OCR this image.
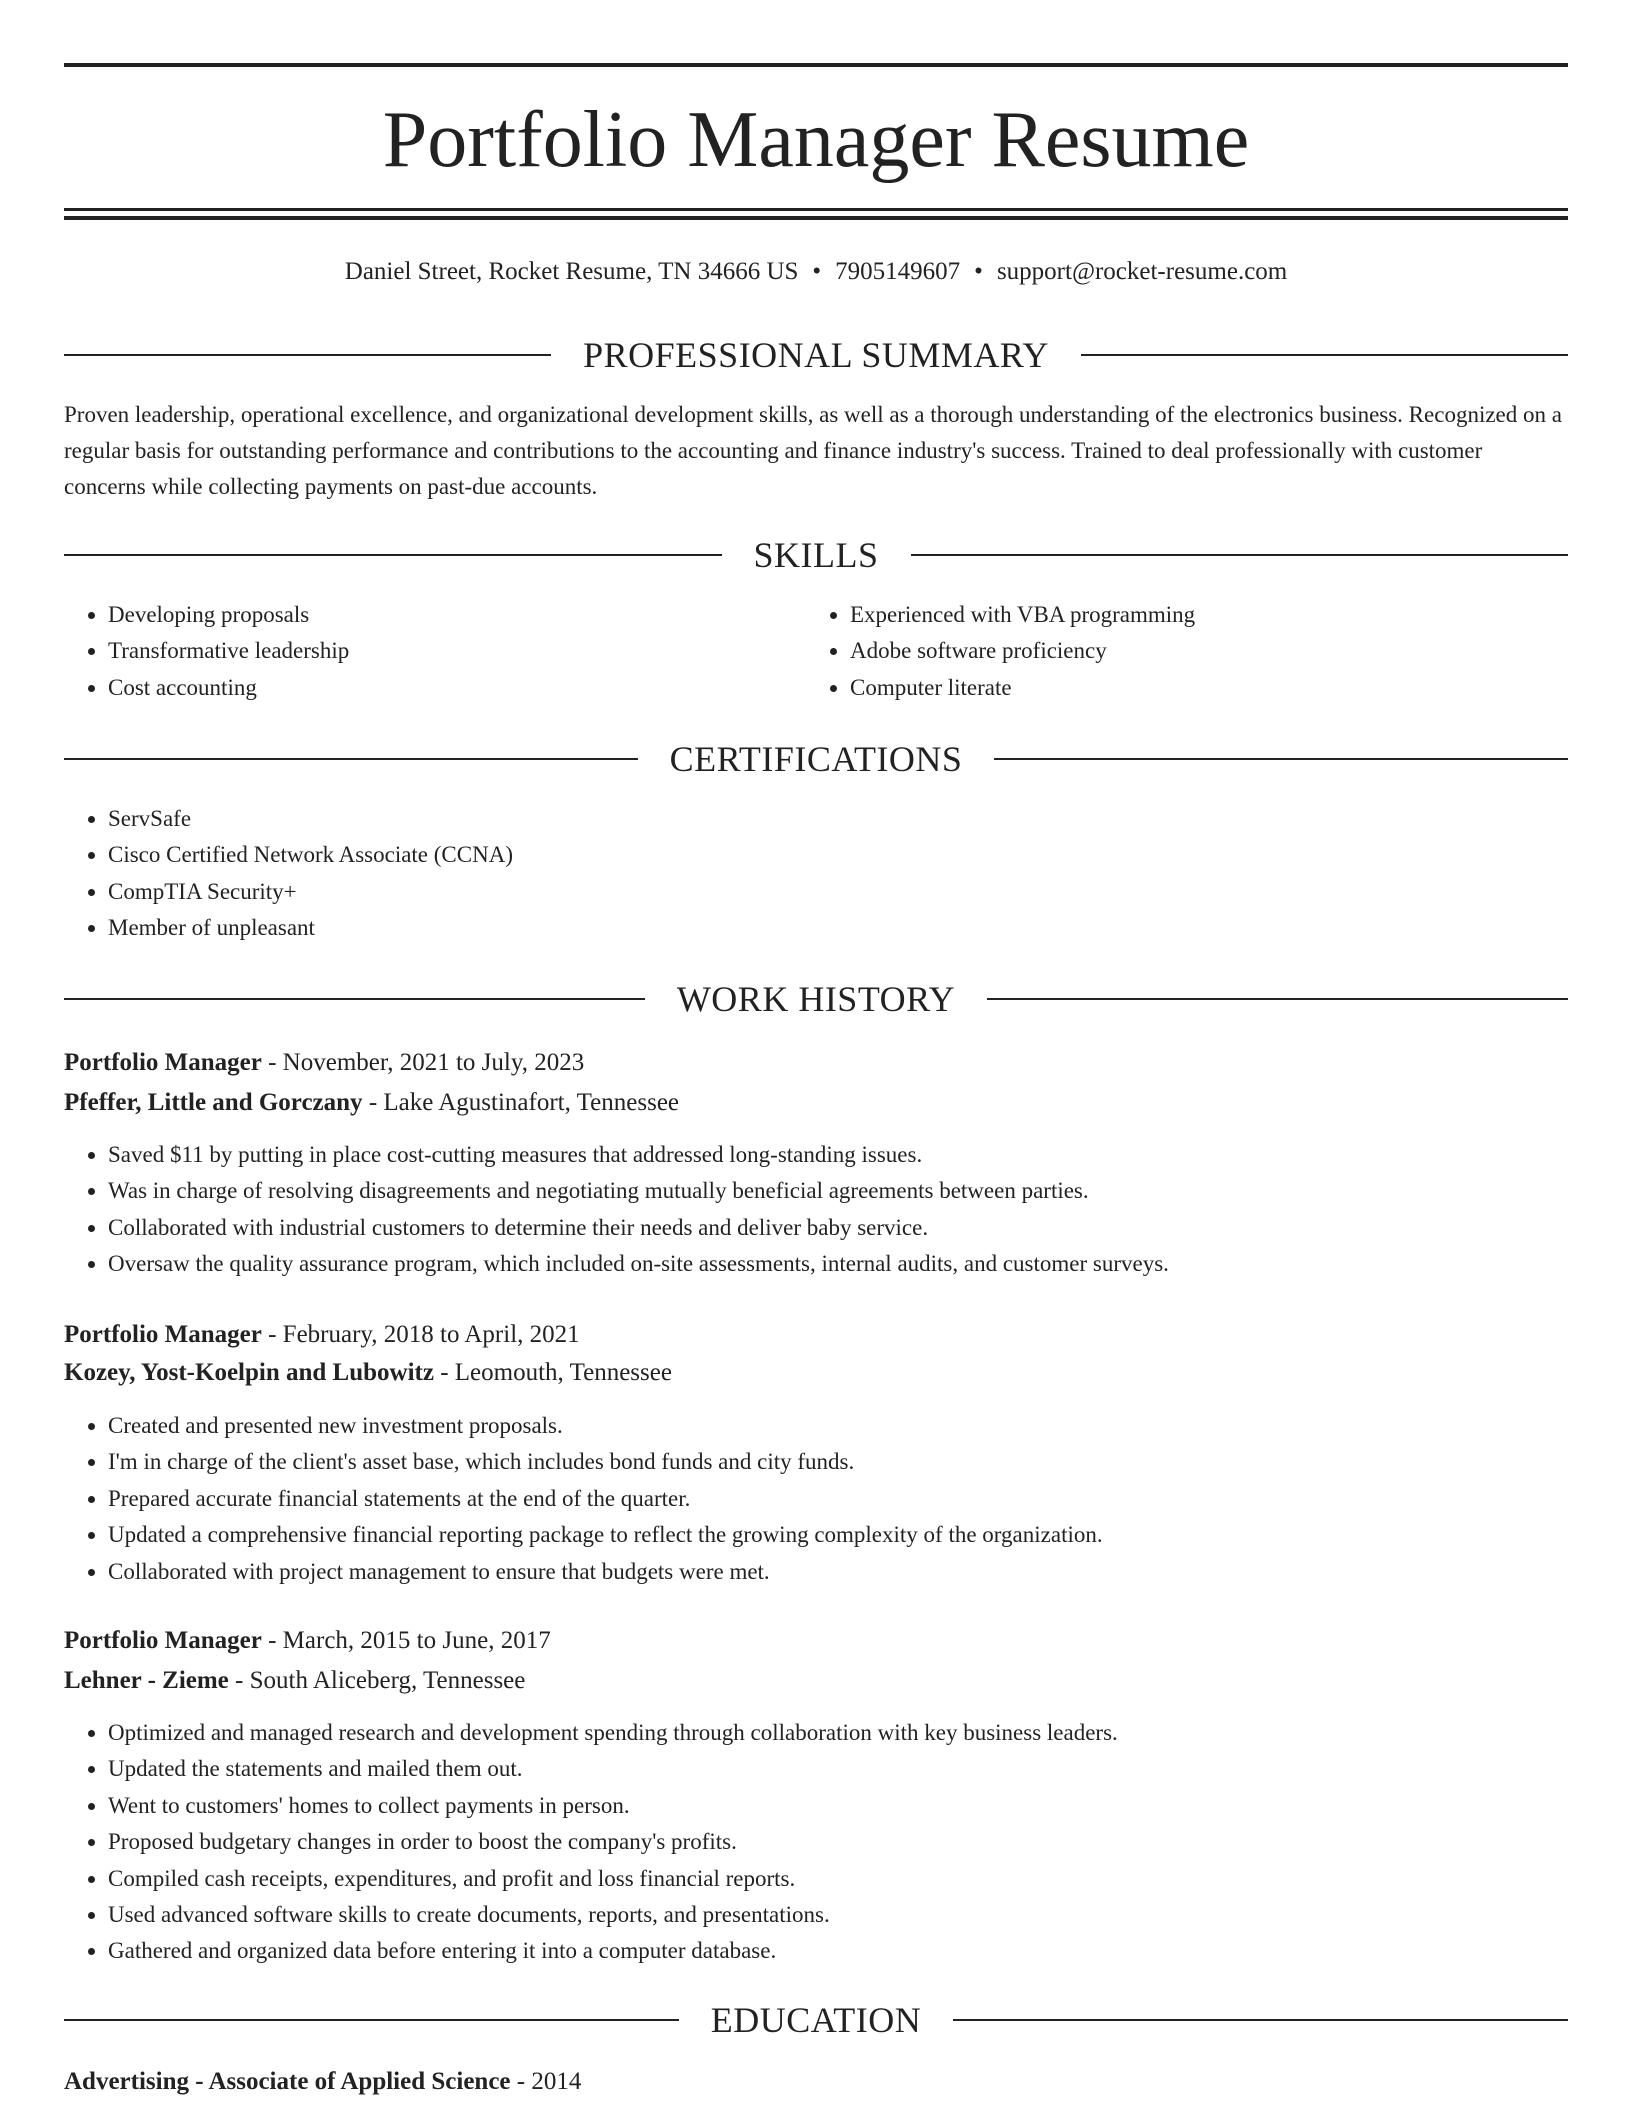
Portfolio Manager Resume
Daniel Street, Rocket Resume, TN 34666 US • 7905149607 • support@rocket-resume.com
PROFESSIONAL SUMMARY

Proven leadership, operational excellence, and organizational development skills, as well as a thorough understanding of the electronics business. Recognized on a regular basis for outstanding performance and contributions to the accounting and finance industry's success. Trained to deal professionally with customer concerns while collecting payments on past-due accounts.

SKILLS
• Developing proposals
• Transformative leadership
• Cost accounting
• Experienced with VBA programming
• Adobe software proficiency
• Computer literate
CERTIFICATIONS
• ServSafe
• Cisco Certified Network Associate (CCNA)
• CompTIA Security+
• Member of unpleasant
WORK HISTORY
Portfolio Manager - November, 2021 to July, 2023
Pfeffer, Little and Gorczany - Lake Agustinafort, Tennessee
• Saved $11 by putting in place cost-cutting measures that addressed long-standing issues.
• Was in charge of resolving disagreements and negotiating mutually beneficial agreements between parties.
• Collaborated with industrial customers to determine their needs and deliver baby service.
• Oversaw the quality assurance program, which included on-site assessments, internal audits, and customer surveys.
Portfolio Manager - February, 2018 to April, 2021
Kozey, Yost-Koelpin and Lubowitz - Leomouth, Tennessee
• Created and presented new investment proposals.
• I'm in charge of the client's asset base, which includes bond funds and city funds.
• Prepared accurate financial statements at the end of the quarter.
• Updated a comprehensive financial reporting package to reflect the growing complexity of the organization.
• Collaborated with project management to ensure that budgets were met.
Portfolio Manager - March, 2015 to June, 2017
Lehner - Zieme - South Aliceberg, Tennessee
• Optimized and managed research and development spending through collaboration with key business leaders.
• Updated the statements and mailed them out.
• Went to customers' homes to collect payments in person.
• Proposed budgetary changes in order to boost the company's profits.
• Compiled cash receipts, expenditures, and profit and loss financial reports.
• Used advanced software skills to create documents, reports, and presentations.
• Gathered and organized data before entering it into a computer database.
EDUCATION
Advertising - Associate of Applied Science - 2014
